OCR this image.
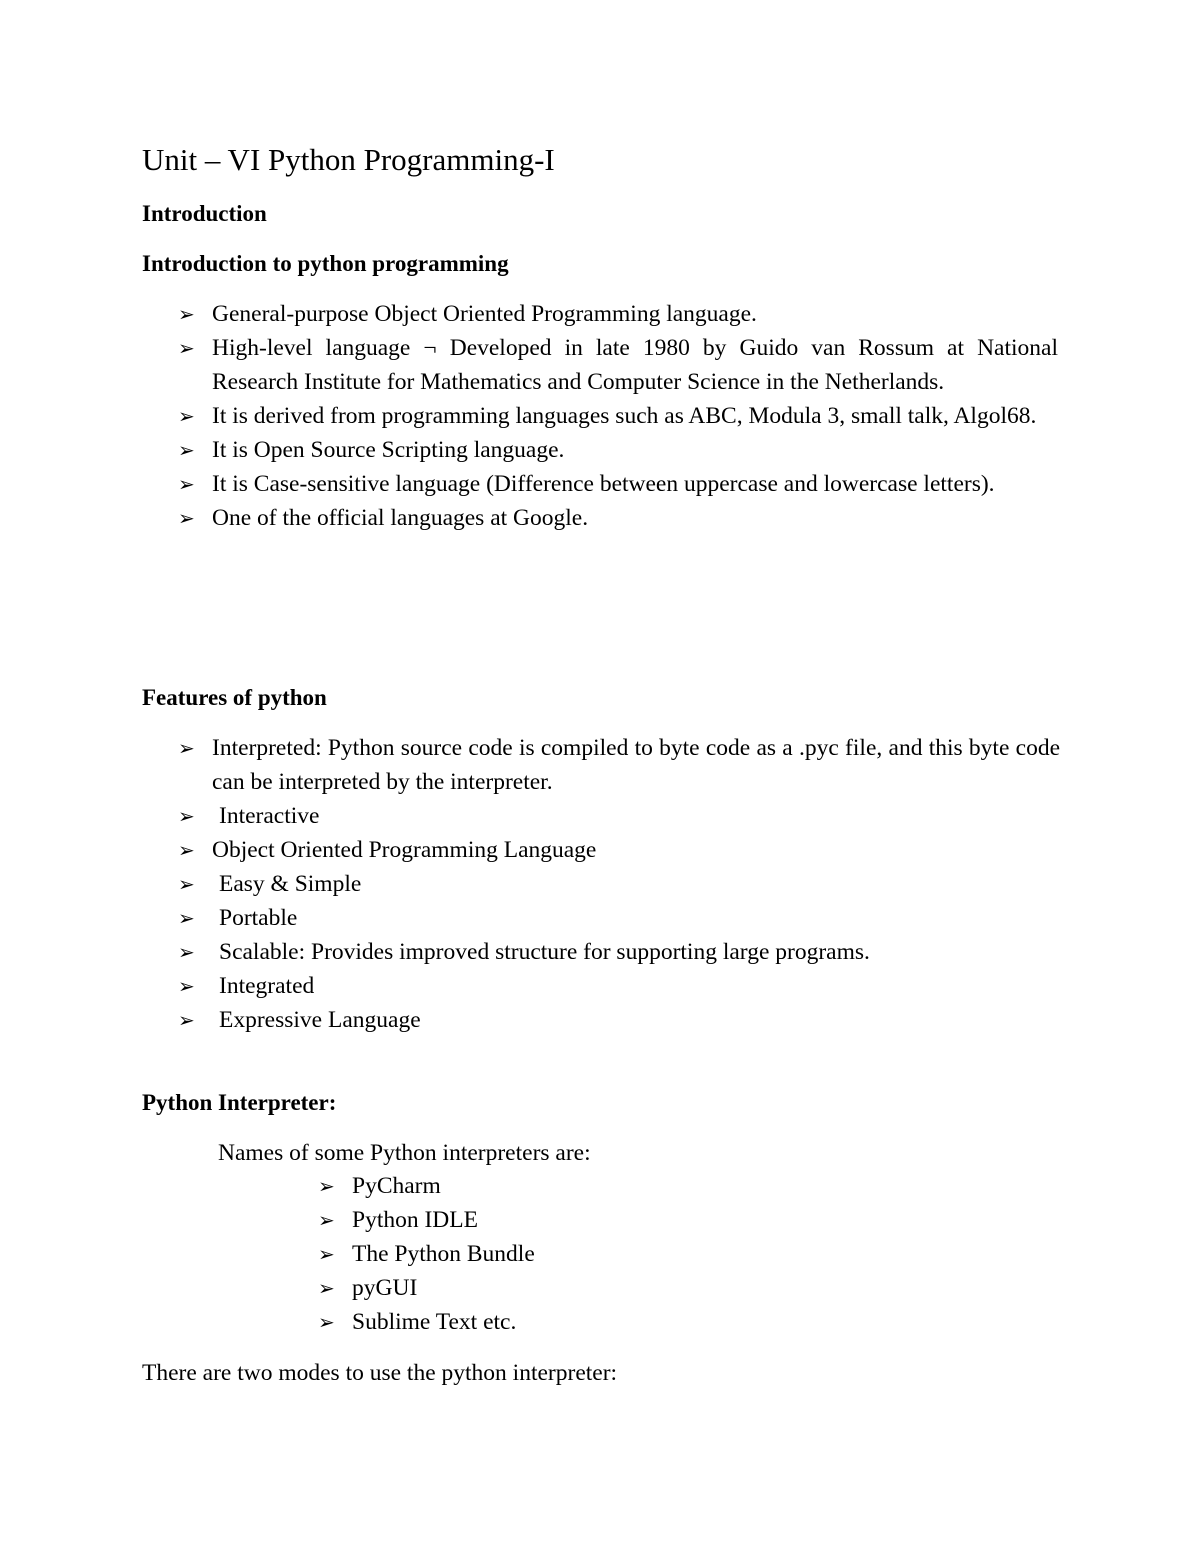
Unit – VI Python Programming-I
Introduction
Introduction to python programming
➢ General-purpose Object Oriented Programming language.
➢ High-level language ¬ Developed in late 1980 by Guido van Rossum at National Research Institute for Mathematics and Computer Science in the Netherlands.
➢ It is derived from programming languages such as ABC, Modula 3, small talk, Algol68.
➢ It is Open Source Scripting language.
➢ It is Case-sensitive language (Difference between uppercase and lowercase letters).
➢ One of the official languages at Google.
Features of python
➢ Interpreted: Python source code is compiled to byte code as a .pyc file, and this byte code can be interpreted by the interpreter.
➢ Interactive
➢ Object Oriented Programming Language
➢ Easy & Simple
➢ Portable
➢ Scalable: Provides improved structure for supporting large programs.
➢ Integrated
➢ Expressive Language
Python Interpreter:
Names of some Python interpreters are:
➢ PyCharm
➢ Python IDLE
➢ The Python Bundle
➢ pyGUI
➢ Sublime Text etc.
There are two modes to use the python interpreter:
